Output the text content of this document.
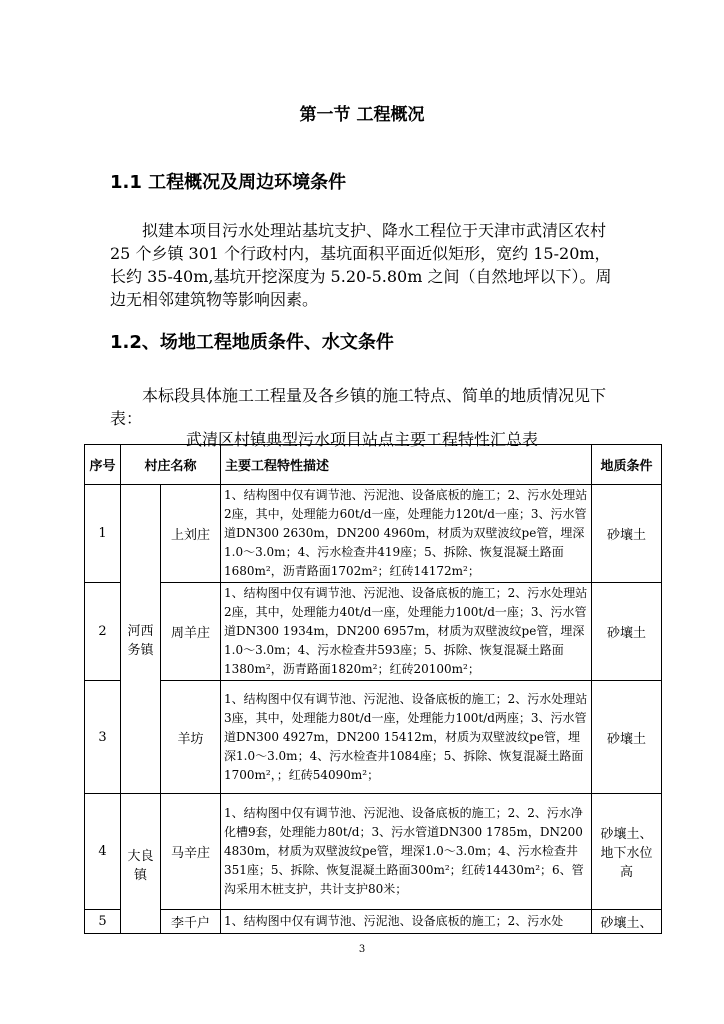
第一节 工程概况
1.1 工程概况及周边环境条件
拟建本项目污水处理站基坑支护、降水工程位于天津市武清区农村 25 个乡镇 301 个行政村内，基坑面积平面近似矩形，宽约 15-20m，长约 35-40m,基坑开挖深度为 5.20-5.80m 之间（自然地坪以下）。周边无相邻建筑物等影响因素。
1.2、场地工程地质条件、水文条件
本标段具体施工工程量及各乡镇的施工特点、简单的地质情况见下表：
武清区村镇典型污水项目站点主要工程特性汇总表
序号	村庄名称		主要工程特性描述	地质条件
1	河西务镇	上刘庄	1、结构图中仅有调节池、污泥池、设备底板的施工；2、污水处理站2座，其中，处理能力60t/d一座，处理能力120t/d一座；3、污水管道DN300 2630m，DN200 4960m，材质为双壁波纹pe管，埋深1.0～3.0m；4、污水检查井419座；5、拆除、恢复混凝土路面1680m²，沥青路面1702m²；红砖14172m²；	砂壤土
2		周羊庄	1、结构图中仅有调节池、污泥池、设备底板的施工；2、污水处理站2座，其中，处理能力40t/d一座，处理能力100t/d一座；3、污水管道DN300 1934m，DN200 6957m，材质为双壁波纹pe管，埋深1.0～3.0m；4、污水检查井593座；5、拆除、恢复混凝土路面1380m²，沥青路面1820m²；红砖20100m²；	砂壤土
3		羊坊	1、结构图中仅有调节池、污泥池、设备底板的施工；2、污水处理站3座，其中，处理能力80t/d一座，处理能力100t/d两座；3、污水管道DN300 4927m，DN200 15412m，材质为双壁波纹pe管，埋深1.0～3.0m；4、污水检查井1084座；5、拆除、恢复混凝土路面1700m²，；红砖54090m²；	砂壤土
4	大良镇	马辛庄	1、结构图中仅有调节池、污泥池、设备底板的施工；2、2、污水净化槽9套，处理能力80t/d；3、污水管道DN300 1785m，DN200 4830m，材质为双壁波纹pe管，埋深1.0～3.0m；4、污水检查井351座；5、拆除、恢复混凝土路面300m²；红砖14430m²；6、管沟采用木桩支护，共计支护80米；	砂壤土、地下水位高
5		李千户	1、结构图中仅有调节池、污泥池、设备底板的施工；2、污水处	砂壤土、
3
